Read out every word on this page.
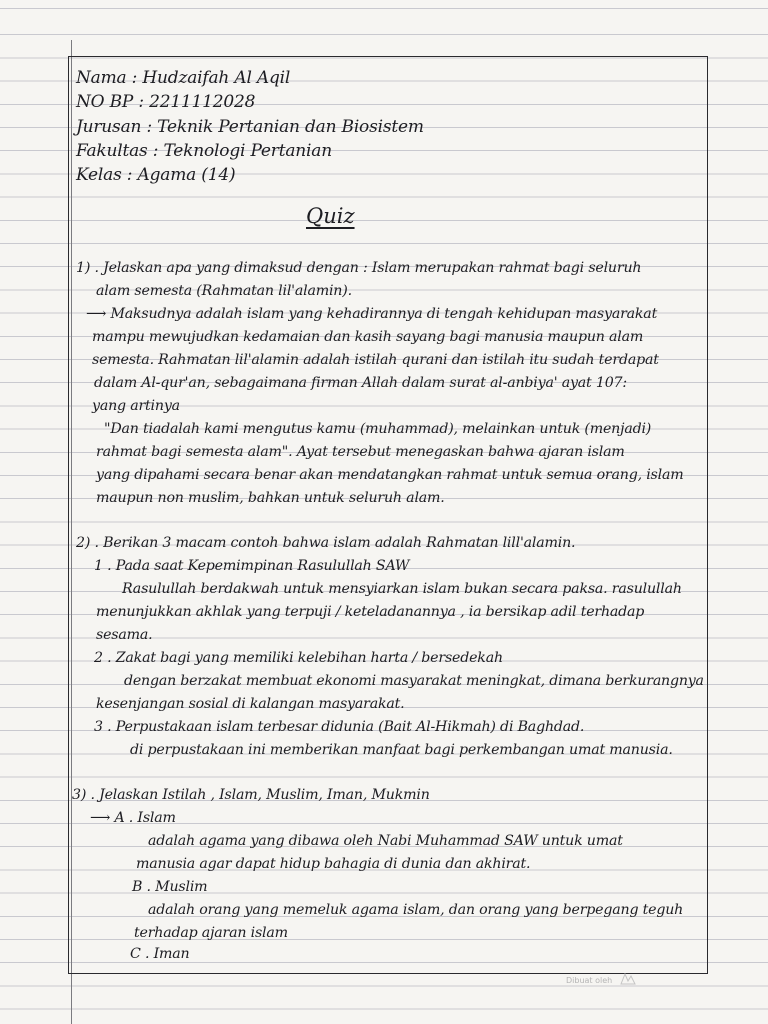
Nama : Hudzaifah Al Aqil

NO BP : 2211112028

Jurusan : Teknik Pertanian dan Biosistem

Fakultas : Teknologi Pertanian

Kelas : Agama (14)

Quiz

1) . Jelaskan apa yang dimaksud dengan : Islam merupakan rahmat bagi seluruh

alam semesta (Rahmatan lil'alamin).

⟶ Maksudnya adalah islam yang kehadirannya di tengah kehidupan masyarakat

mampu mewujudkan kedamaian dan kasih sayang bagi manusia maupun alam

semesta. Rahmatan lil'alamin adalah istilah qurani dan istilah itu sudah terdapat

dalam Al-qur'an, sebagaimana firman Allah dalam surat al-anbiya' ayat 107:

yang artinya

"Dan tiadalah kami mengutus kamu (muhammad), melainkan untuk (menjadi)

rahmat bagi semesta alam". Ayat tersebut menegaskan bahwa ajaran islam

yang dipahami secara benar akan mendatangkan rahmat untuk semua orang, islam

maupun non muslim, bahkan untuk seluruh alam.

2) . Berikan 3 macam contoh bahwa islam adalah Rahmatan lill'alamin.

1 . Pada saat Kepemimpinan Rasulullah SAW

Rasulullah berdakwah untuk mensyiarkan islam bukan secara paksa. rasulullah

menunjukkan akhlak yang terpuji / keteladanannya , ia bersikap adil terhadap

sesama.

2 . Zakat bagi yang memiliki kelebihan harta / bersedekah

dengan berzakat membuat ekonomi masyarakat meningkat, dimana berkurangnya

kesenjangan sosial di kalangan masyarakat.

3 . Perpustakaan islam terbesar didunia (Bait Al-Hikmah) di Baghdad.

di perpustakaan ini memberikan manfaat bagi perkembangan umat manusia.

3) . Jelaskan Istilah , Islam, Muslim, Iman, Mukmin

⟶ A . Islam

adalah agama yang dibawa oleh Nabi Muhammad SAW untuk umat

manusia agar dapat hidup bahagia di dunia dan akhirat.

B . Muslim

adalah orang yang memeluk agama islam, dan orang yang berpegang teguh

terhadap ajaran islam

C . Iman

Dibuat oleh
